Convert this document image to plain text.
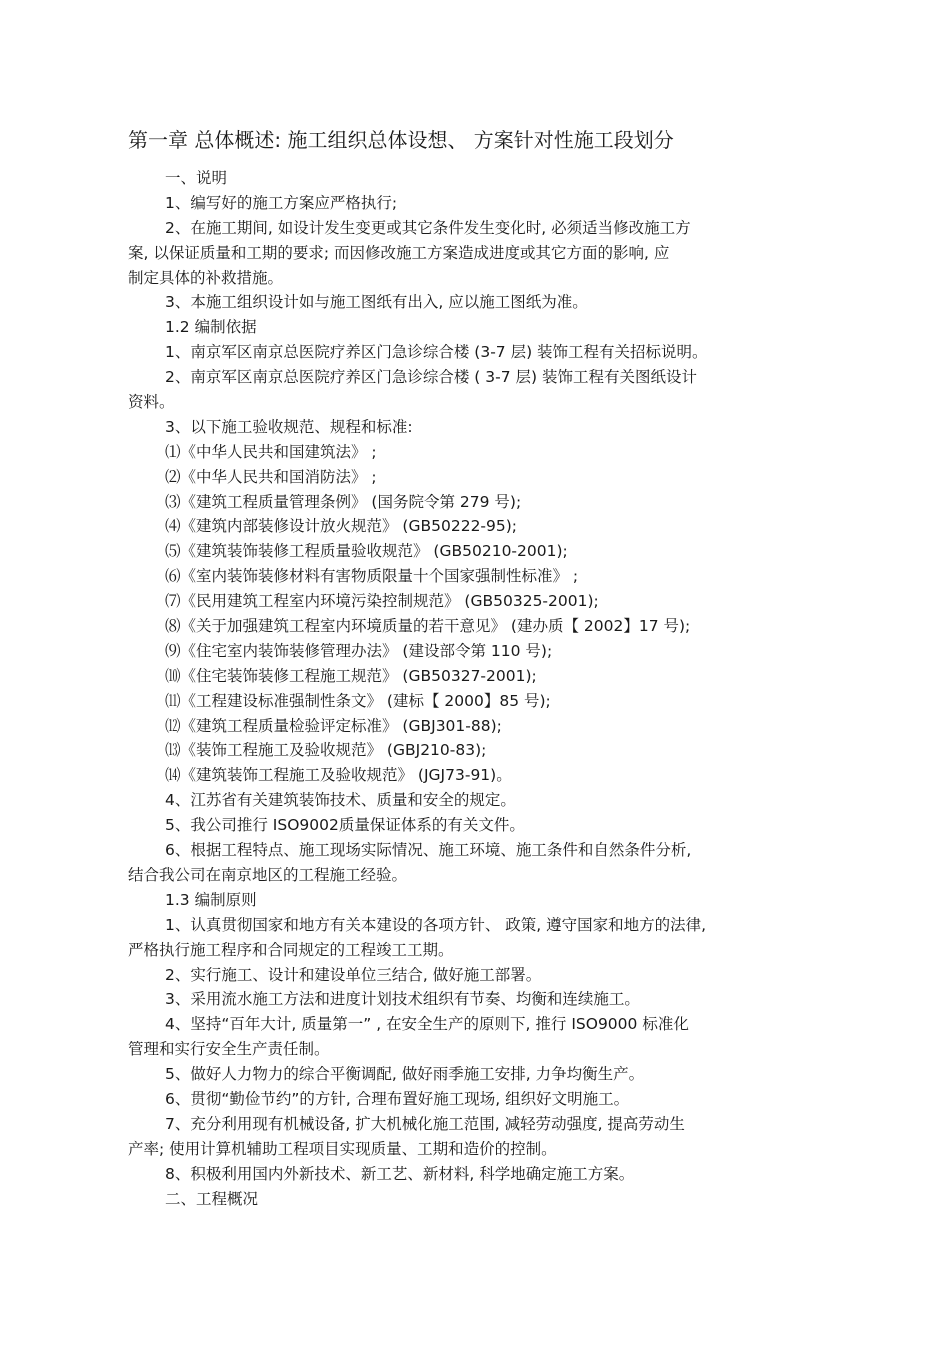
第一章 总体概述: 施工组织总体设想、 方案针对性施工段划分
一、说明
1、编写好的施工方案应严格执行;
2、在施工期间, 如设计发生变更或其它条件发生变化时, 必须适当修改施工方
案, 以保证质量和工期的要求; 而因修改施工方案造成进度或其它方面的影响, 应
制定具体的补救措施。
3、本施工组织设计如与施工图纸有出入, 应以施工图纸为准。
1.2 编制依据
1、南京军区南京总医院疗养区门急诊综合楼 (3-7 层) 装饰工程有关招标说明。
2、南京军区南京总医院疗养区门急诊综合楼 ( 3-7 层) 装饰工程有关图纸设计
资料。
3、以下施工验收规范、规程和标准:
⑴《中华人民共和国建筑法》 ;
⑵《中华人民共和国消防法》 ;
⑶《建筑工程质量管理条例》 (国务院令第 279 号);
⑷《建筑内部装修设计放火规范》 (GB50222-95);
⑸《建筑装饰装修工程质量验收规范》 (GB50210-2001);
⑹《室内装饰装修材料有害物质限量十个国家强制性标准》 ;
⑺《民用建筑工程室内环境污染控制规范》 (GB50325-2001);
⑻《关于加强建筑工程室内环境质量的若干意见》 (建办质【 2002】17 号);
⑼《住宅室内装饰装修管理办法》 (建设部令第 110 号);
⑽《住宅装饰装修工程施工规范》 (GB50327-2001);
⑾《工程建设标准强制性条文》 (建标【 2000】85 号);
⑿《建筑工程质量检验评定标准》 (GBJ301-88);
⒀《装饰工程施工及验收规范》 (GBJ210-83);
⒁《建筑装饰工程施工及验收规范》 (JGJ73-91)。
4、江苏省有关建筑装饰技术、质量和安全的规定。
5、我公司推行 ISO9002质量保证体系的有关文件。
6、根据工程特点、施工现场实际情况、施工环境、施工条件和自然条件分析,
结合我公司在南京地区的工程施工经验。
1.3 编制原则
1、认真贯彻国家和地方有关本建设的各项方针、 政策, 遵守国家和地方的法律,
严格执行施工程序和合同规定的工程竣工工期。
2、实行施工、设计和建设单位三结合, 做好施工部署。
3、采用流水施工方法和进度计划技术组织有节奏、均衡和连续施工。
4、坚持“百年大计, 质量第一” , 在安全生产的原则下, 推行 ISO9000 标准化
管理和实行安全生产责任制。
5、做好人力物力的综合平衡调配, 做好雨季施工安排, 力争均衡生产。
6、贯彻“勤俭节约”的方针, 合理布置好施工现场, 组织好文明施工。
7、充分利用现有机械设备, 扩大机械化施工范围, 减轻劳动强度, 提高劳动生
产率; 使用计算机辅助工程项目实现质量、工期和造价的控制。
8、积极利用国内外新技术、新工艺、新材料, 科学地确定施工方案。
二、工程概况
